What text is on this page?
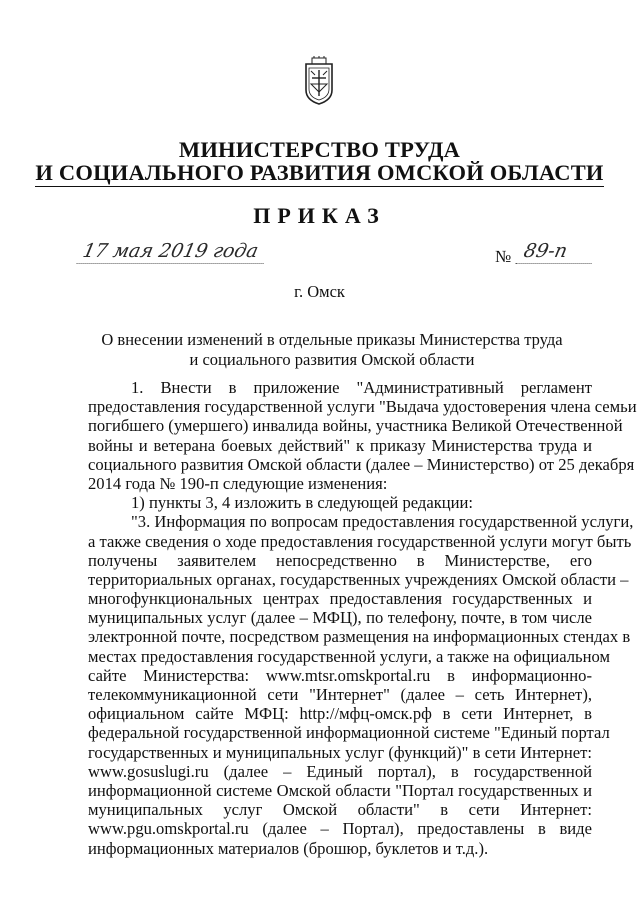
МИНИСТЕРСТВО ТРУДА
И СОЦИАЛЬНОГО РАЗВИТИЯ ОМСКОЙ ОБЛАСТИ
ПРИКАЗ
17 мая 2019 года	№ 89-п
г. Омск
О внесении изменений в отдельные приказы Министерства труда
и социального развития Омской области
1. Внести в приложение "Административный регламент
предоставления государственной услуги "Выдача удостоверения члена семьи
погибшего (умершего) инвалида войны, участника Великой Отечественной
войны и ветерана боевых действий" к приказу Министерства труда и
социального развития Омской области (далее – Министерство) от 25 декабря
2014 года № 190-п следующие изменения:
1) пункты 3, 4 изложить в следующей редакции:
"3. Информация по вопросам предоставления государственной услуги,
а также сведения о ходе предоставления государственной услуги могут быть
получены заявителем непосредственно в Министерстве, его
территориальных органах, государственных учреждениях Омской области –
многофункциональных центрах предоставления государственных и
муниципальных услуг (далее – МФЦ), по телефону, почте, в том числе
электронной почте, посредством размещения на информационных стендах в
местах предоставления государственной услуги, а также на официальном
сайте Министерства: www.mtsr.omskportal.ru в информационно-
телекоммуникационной сети "Интернет" (далее – сеть Интернет),
официальном сайте МФЦ: http://мфц-омск.рф в сети Интернет, в
федеральной государственной информационной системе "Единый портал
государственных и муниципальных услуг (функций)" в сети Интернет:
www.gosuslugi.ru (далее – Единый портал), в государственной
информационной системе Омской области "Портал государственных и
муниципальных услуг Омской области" в сети Интернет:
www.pgu.omskportal.ru (далее – Портал), предоставлены в виде
информационных материалов (брошюр, буклетов и т.д.).
